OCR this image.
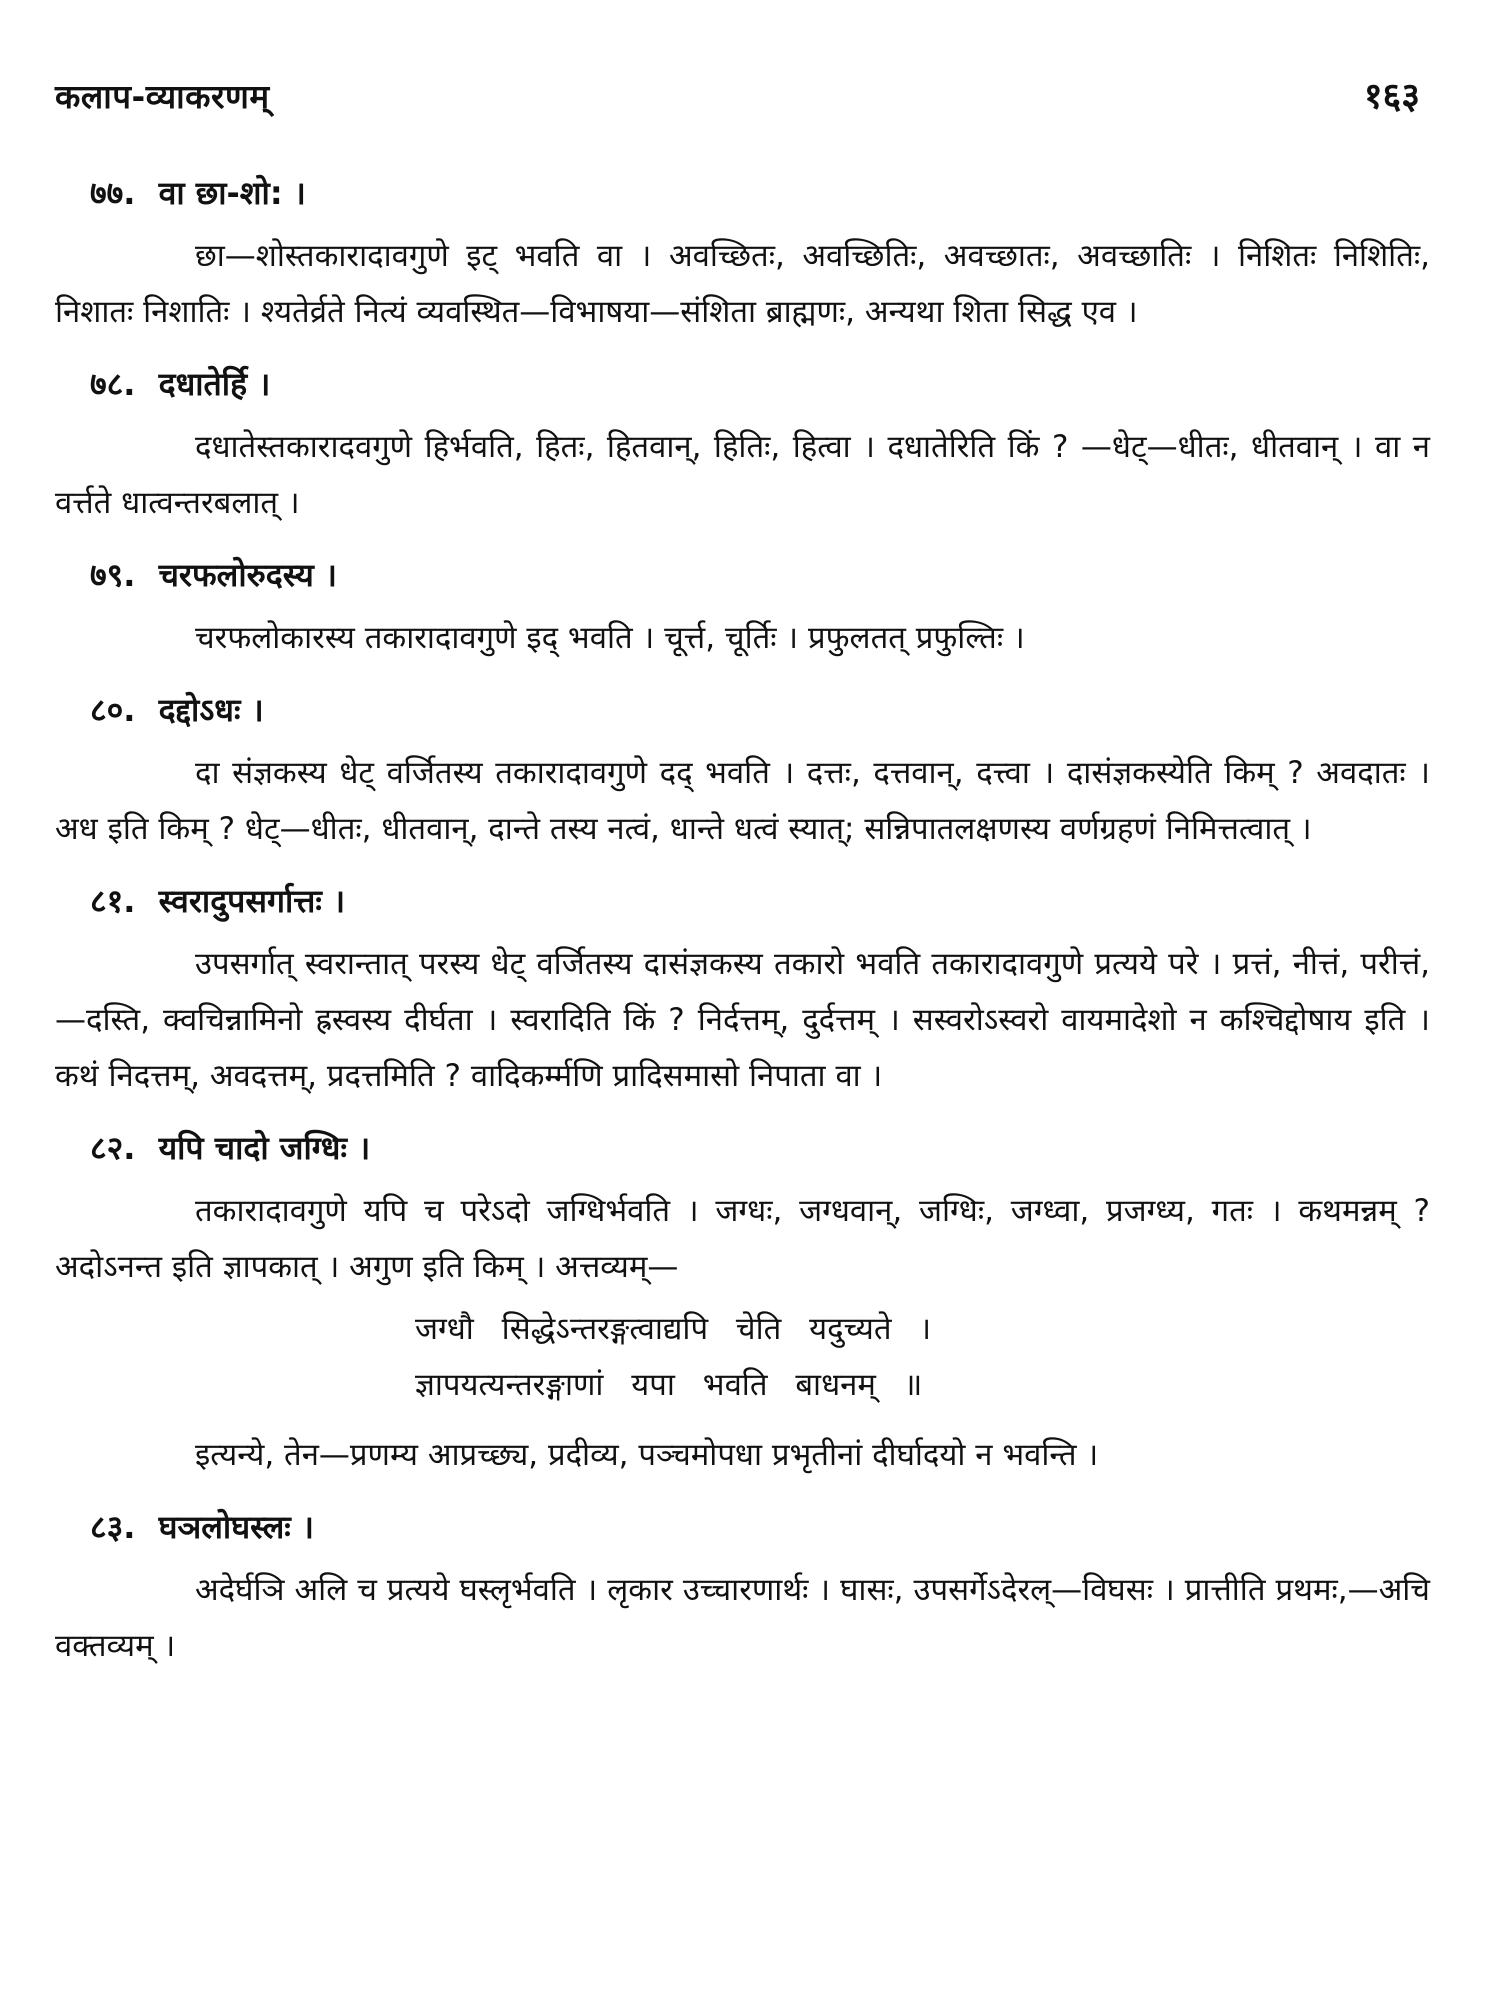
कलाप-व्याकरणम्	१६३
७७. वा छा-शो: ।

छा—शोस्तकारादावगुणे इट् भवति वा । अवच्छितः, अवच्छितिः, अवच्छातः, अवच्छातिः । निशितः निशितिः, निशातः निशातिः । श्यतेर्व्रते नित्यं व्यवस्थित—विभाषया—संशिता ब्राह्मणः, अन्यथा शिता सिद्ध एव ।

७८. दधातेर्हि ।

दधातेस्तकारादवगुणे हिर्भवति, हितः, हितवान्, हितिः, हित्वा । दधातेरिति किं ? —धेट्—धीतः, धीतवान् । वा न वर्त्तते धात्वन्तरबलात् ।

७९. चरफलोरुदस्य ।

चरफलोकारस्य तकारादावगुणे इद् भवति । चूर्त्त, चूर्तिः । प्रफुलतत् प्रफुल्तिः ।

८०. दद्दोऽधः ।

दा संज्ञकस्य धेट् वर्जितस्य तकारादावगुणे दद् भवति । दत्तः, दत्तवान्, दत्त्वा । दासंज्ञकस्येति किम् ? अवदातः । अध इति किम् ? धेट्—धीतः, धीतवान्, दान्ते तस्य नत्वं, धान्ते धत्वं स्यात्; सन्निपातलक्षणस्य वर्णग्रहणं निमित्तत्वात् ।

८१. स्वरादुपसर्गात्तः ।

उपसर्गात् स्वरान्तात् परस्य धेट् वर्जितस्य दासंज्ञकस्य तकारो भवति तकारादावगुणे प्रत्यये परे । प्रत्तं, नीत्तं, परीत्तं,—दस्ति, क्वचिन्नामिनो ह्रस्वस्य दीर्घता । स्वरादिति किं ? निर्दत्तम्, दुर्दत्तम् । सस्वरोऽस्वरो वायमादेशो न कश्चिद्दोषाय इति । कथं निदत्तम्, अवदत्तम्, प्रदत्तमिति ? वादिकर्म्मणि प्रादिसमासो निपाता वा ।

८२. यपि चादो जग्धिः ।

तकारादावगुणे यपि च परेऽदो जग्धिर्भवति । जग्धः, जग्धवान्, जग्धिः, जग्ध्वा, प्रजग्ध्य, गतः । कथमन्नम् ? अदोऽनन्त इति ज्ञापकात् । अगुण इति किम् । अत्तव्यम्—

जग्धौ सिद्धेऽन्तरङ्गत्वाद्यपि चेति यदुच्यते ।
ज्ञापयत्यन्तरङ्गाणां यपा भवति बाधनम् ॥

इत्यन्ये, तेन—प्रणम्य आप्रच्छ्य, प्रदीव्य, पञ्चमोपधा प्रभृतीनां दीर्घादयो न भवन्ति ।

८३. घञलोघस्लः ।

अदेर्घञि अलि च प्रत्यये घस्लृर्भवति । लृकार उच्चारणार्थः । घासः, उपसर्गेऽदेरल्—विघसः । प्रात्तीति प्रथमः,—अचि वक्तव्यम् ।
